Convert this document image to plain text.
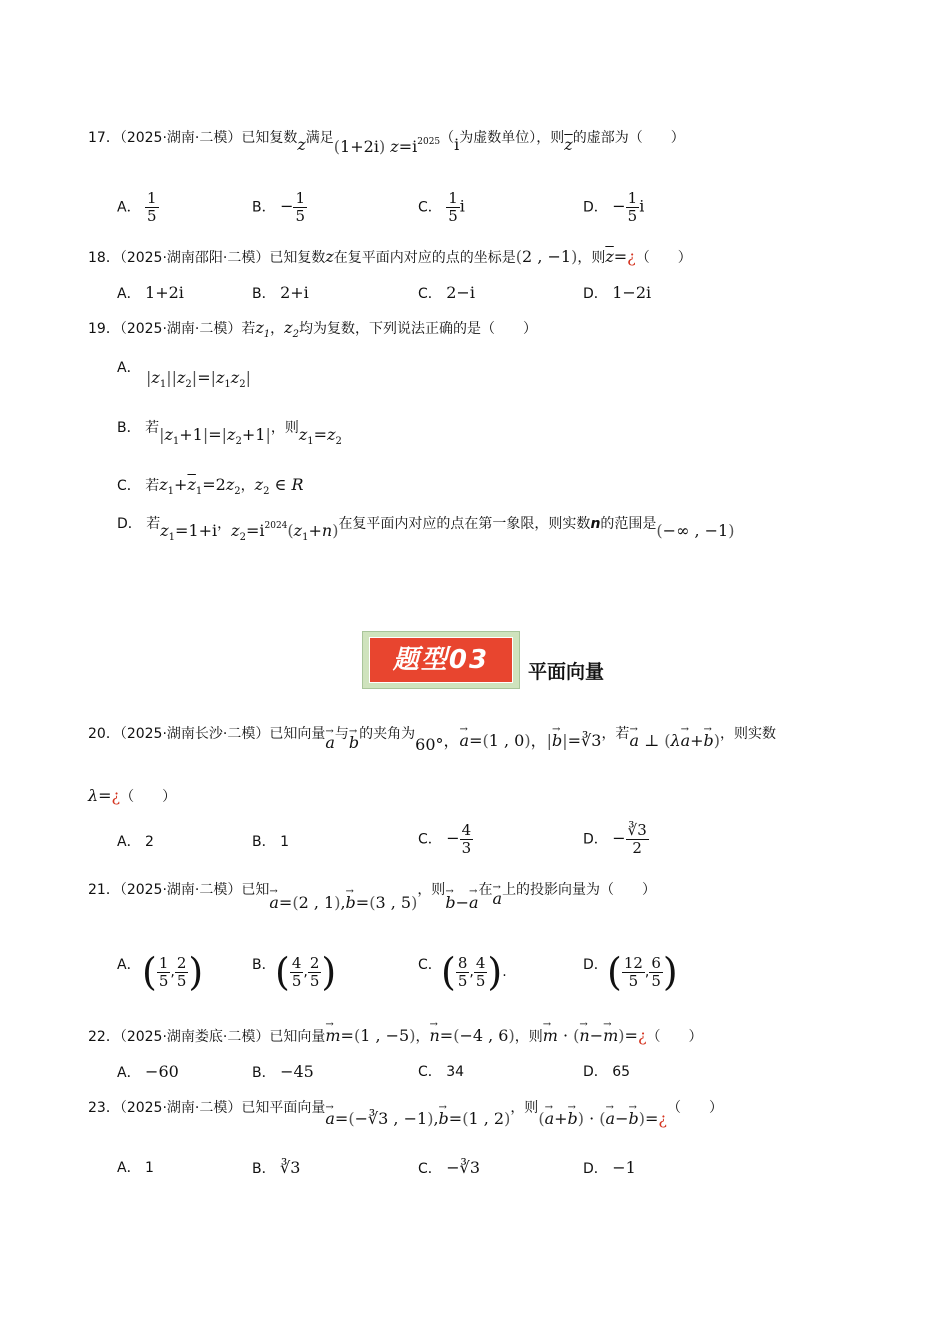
17．（2025·湖南·二模）已知复数z满足(1+2i) $z=i^{2025}(i$为虚数单位），则$\overline{z}$的虚部为（　　）
A． $\frac{1}{5}$	B． − $\frac{1}{5}$	C． $\frac{1}{5}$ i	D． − $\frac{1}{5}$ i
18．（2025·湖南邵阳·二模）已知复数z在复平面内对应的点的坐标是(2 , −1)，则$\overline{z}=¿$（　　）
A． 1+2i	B． 2+i	C． 2−i	D． 1−2i
19．（2025·湖南·二模）若$z_1$，$z_2$均为复数，下列说法正确的是（　　）
A． $|z_1||z_2|=|z_1z_2|$
B． 若$|z_1+1|=|z_2+1|$，则$z_1=z_2$
C． 若$z_1+\overline{z}_1=2z_2$，$z_2$ ∈ R
D． 若$z_1=1+i$，$z_2=i^{2024}(z_1+n)$在复平面内对应的点在第一象限，则实数n的范围是(−∞ , −1)
题型03	平面向量
20．（2025·湖南长沙·二模）已知向量a →与b →的夹角为60°，a →=(1 , 0)，|b →|=∛3，若a → ⊥ (λa →+b →)，则实数
λ=¿（　　）
A． 2	B． 1	C． − $\frac{4}{3}$	D． − $\frac{∛3}{2}$
21．（2025·湖南·二模）已知a →=(2 , 1),b →=(3 , 5)，则b →−a →在a →上的投影向量为（　　）
A． ( $\frac{1}{5}$ , $\frac{2}{5}$ )	B． ( $\frac{4}{5}$ , $\frac{2}{5}$ )	C． ( $\frac{8}{5}$ , $\frac{4}{5}$ ).	D． ( $\frac{12}{5}$ , $\frac{6}{5}$ )
22．（2025·湖南娄底·二模）已知向量m →=(1 , −5)，n →=(−4 , 6)，则m → · (n →−m →)=¿（　　）
A． −60	B． −45	C． 34	D． 65
23．（2025·湖南·二模）已知平面向量a →=(−∛3 , −1),b →=(1 , 2)，则(a →+b →) · (a →−b →)=¿（　　）
A． 1	B． ∛3	C． −∛3	D． −1
